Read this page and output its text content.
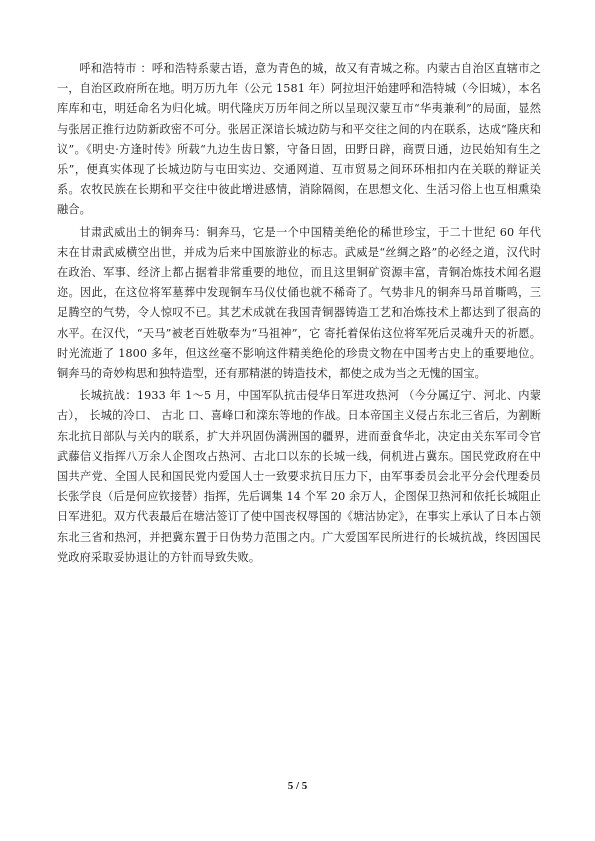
呼和浩特市 ：呼和浩特系蒙古语，意为青色的城，故又有青城之称。内蒙古自治区直辖市之一，自治区政府所在地。明万历九年（公元 1581 年）阿拉坦汗始建呼和浩特城（今旧城），本名库库和屯，明廷命名为归化城。明代隆庆万历年间之所以呈现汉蒙互市“华夷兼利”的局面，显然与张居正推行边防新政密不可分。张居正深谙长城边防与和平交往之间的内在联系，达成“隆庆和议”。《明史·方逢时传》所载“九边生齿日繁，守备日固，田野日辟，商贾日通，边民始知有生之乐”，便真实体现了长城边防与屯田实边、交通网道、互市贸易之间环环相扣内在关联的辩证关系。农牧民族在长期和平交往中彼此增进感情，消除隔阂，在思想文化、生活习俗上也互相熏染融合。

甘肃武威出土的铜奔马：铜奔马，它是一个中国精美绝伦的稀世珍宝，于二十世纪 60 年代末在甘肃武威横空出世，并成为后来中国旅游业的标志。武威是“丝绸之路”的必经之道，汉代时在政治、军事、经济上都占据着非常重要的地位，而且这里铜矿资源丰富，青铜冶炼技术闻名遐迩。因此，在这位将军墓葬中发现铜车马仪仗俑也就不稀奇了。气势非凡的铜奔马昂首嘶鸣，三足腾空的气势，令人惊叹不已。其艺术成就在我国青铜器铸造工艺和冶炼技术上都达到了很高的水平。在汉代，“天马”被老百姓敬奉为“马祖神”，它 寄托着保佑这位将军死后灵魂升天的祈愿。时光流逝了 1800 多年，但这丝毫不影响这件精美绝伦的珍贵文物在中国考古史上的重要地位。铜奔马的奇妙构思和独特造型，还有那精湛的铸造技术，都使之成为当之无愧的国宝。

长城抗战：1933 年 1～5 月，中国军队抗击侵华日军进攻热河 （今分属辽宁、河北、内蒙古）， 长城的冷口、 古北 口、喜峰口和滦东等地的作战。日本帝国主义侵占东北三省后，为割断东北抗日部队与关内的联系，扩大并巩固伪满洲国的疆界，进而蚕食华北，决定由关东军司令官武藤信义指挥八万余人企图攻占热河、古北口以东的长城一线，伺机进占冀东。国民党政府在中国共产党、全国人民和国民党内爱国人士一致要求抗日压力下，由军事委员会北平分会代理委员长张学良（后是何应钦接替）指挥，先后调集 14 个军 20 余万人，企图保卫热河和依托长城阻止日军进犯。双方代表最后在塘沽签订了使中国丧权辱国的《塘沽协定》，在事实上承认了日本占领东北三省和热河，并把冀东置于日伪势力范围之内。广大爱国军民所进行的长城抗战，终因国民党政府采取妥协退让的方针而导致失败。

5 / 5
